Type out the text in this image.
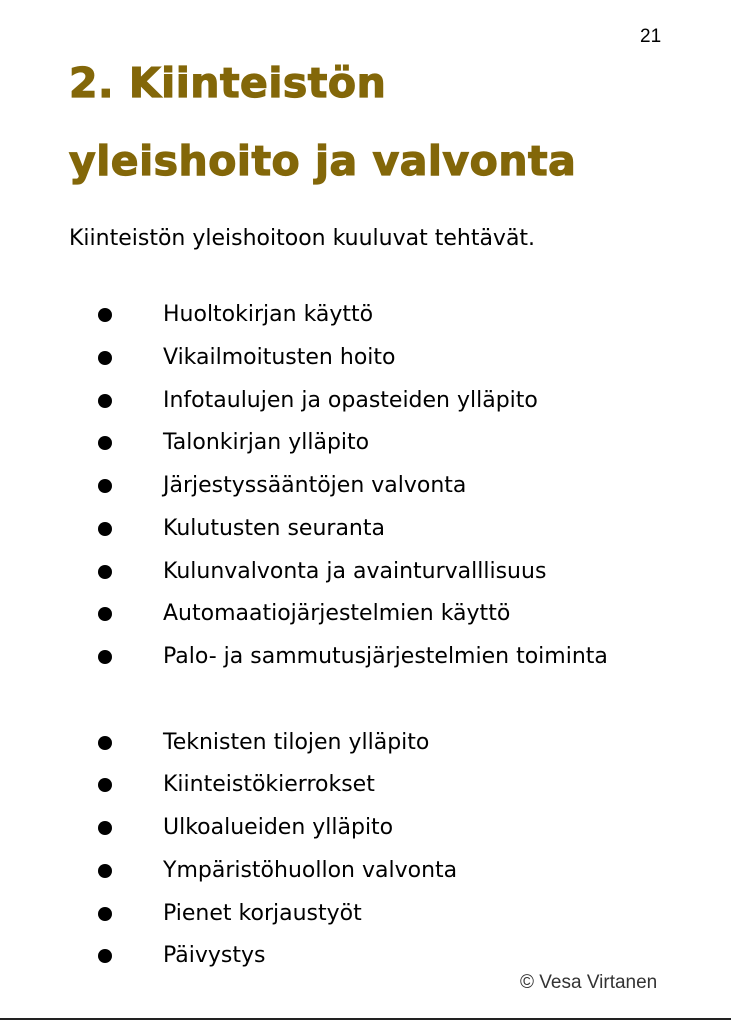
21
2. Kiinteistön
yleishoito ja valvonta

Kiinteistön yleishoitoon kuuluvat tehtävät.

Huoltokirjan käyttö
Vikailmoitusten hoito
Infotaulujen ja opasteiden ylläpito
Talonkirjan ylläpito
Järjestyssääntöjen valvonta
Kulutusten seuranta
Kulunvalvonta ja avainturvalllisuus
Automaatiojärjestelmien käyttö
Palo- ja sammutusjärjestelmien toiminta
Teknisten tilojen ylläpito
Kiinteistökierrokset
Ulkoalueiden ylläpito
Ympäristöhuollon valvonta
Pienet korjaustyöt
Päivystys
© Vesa Virtanen
